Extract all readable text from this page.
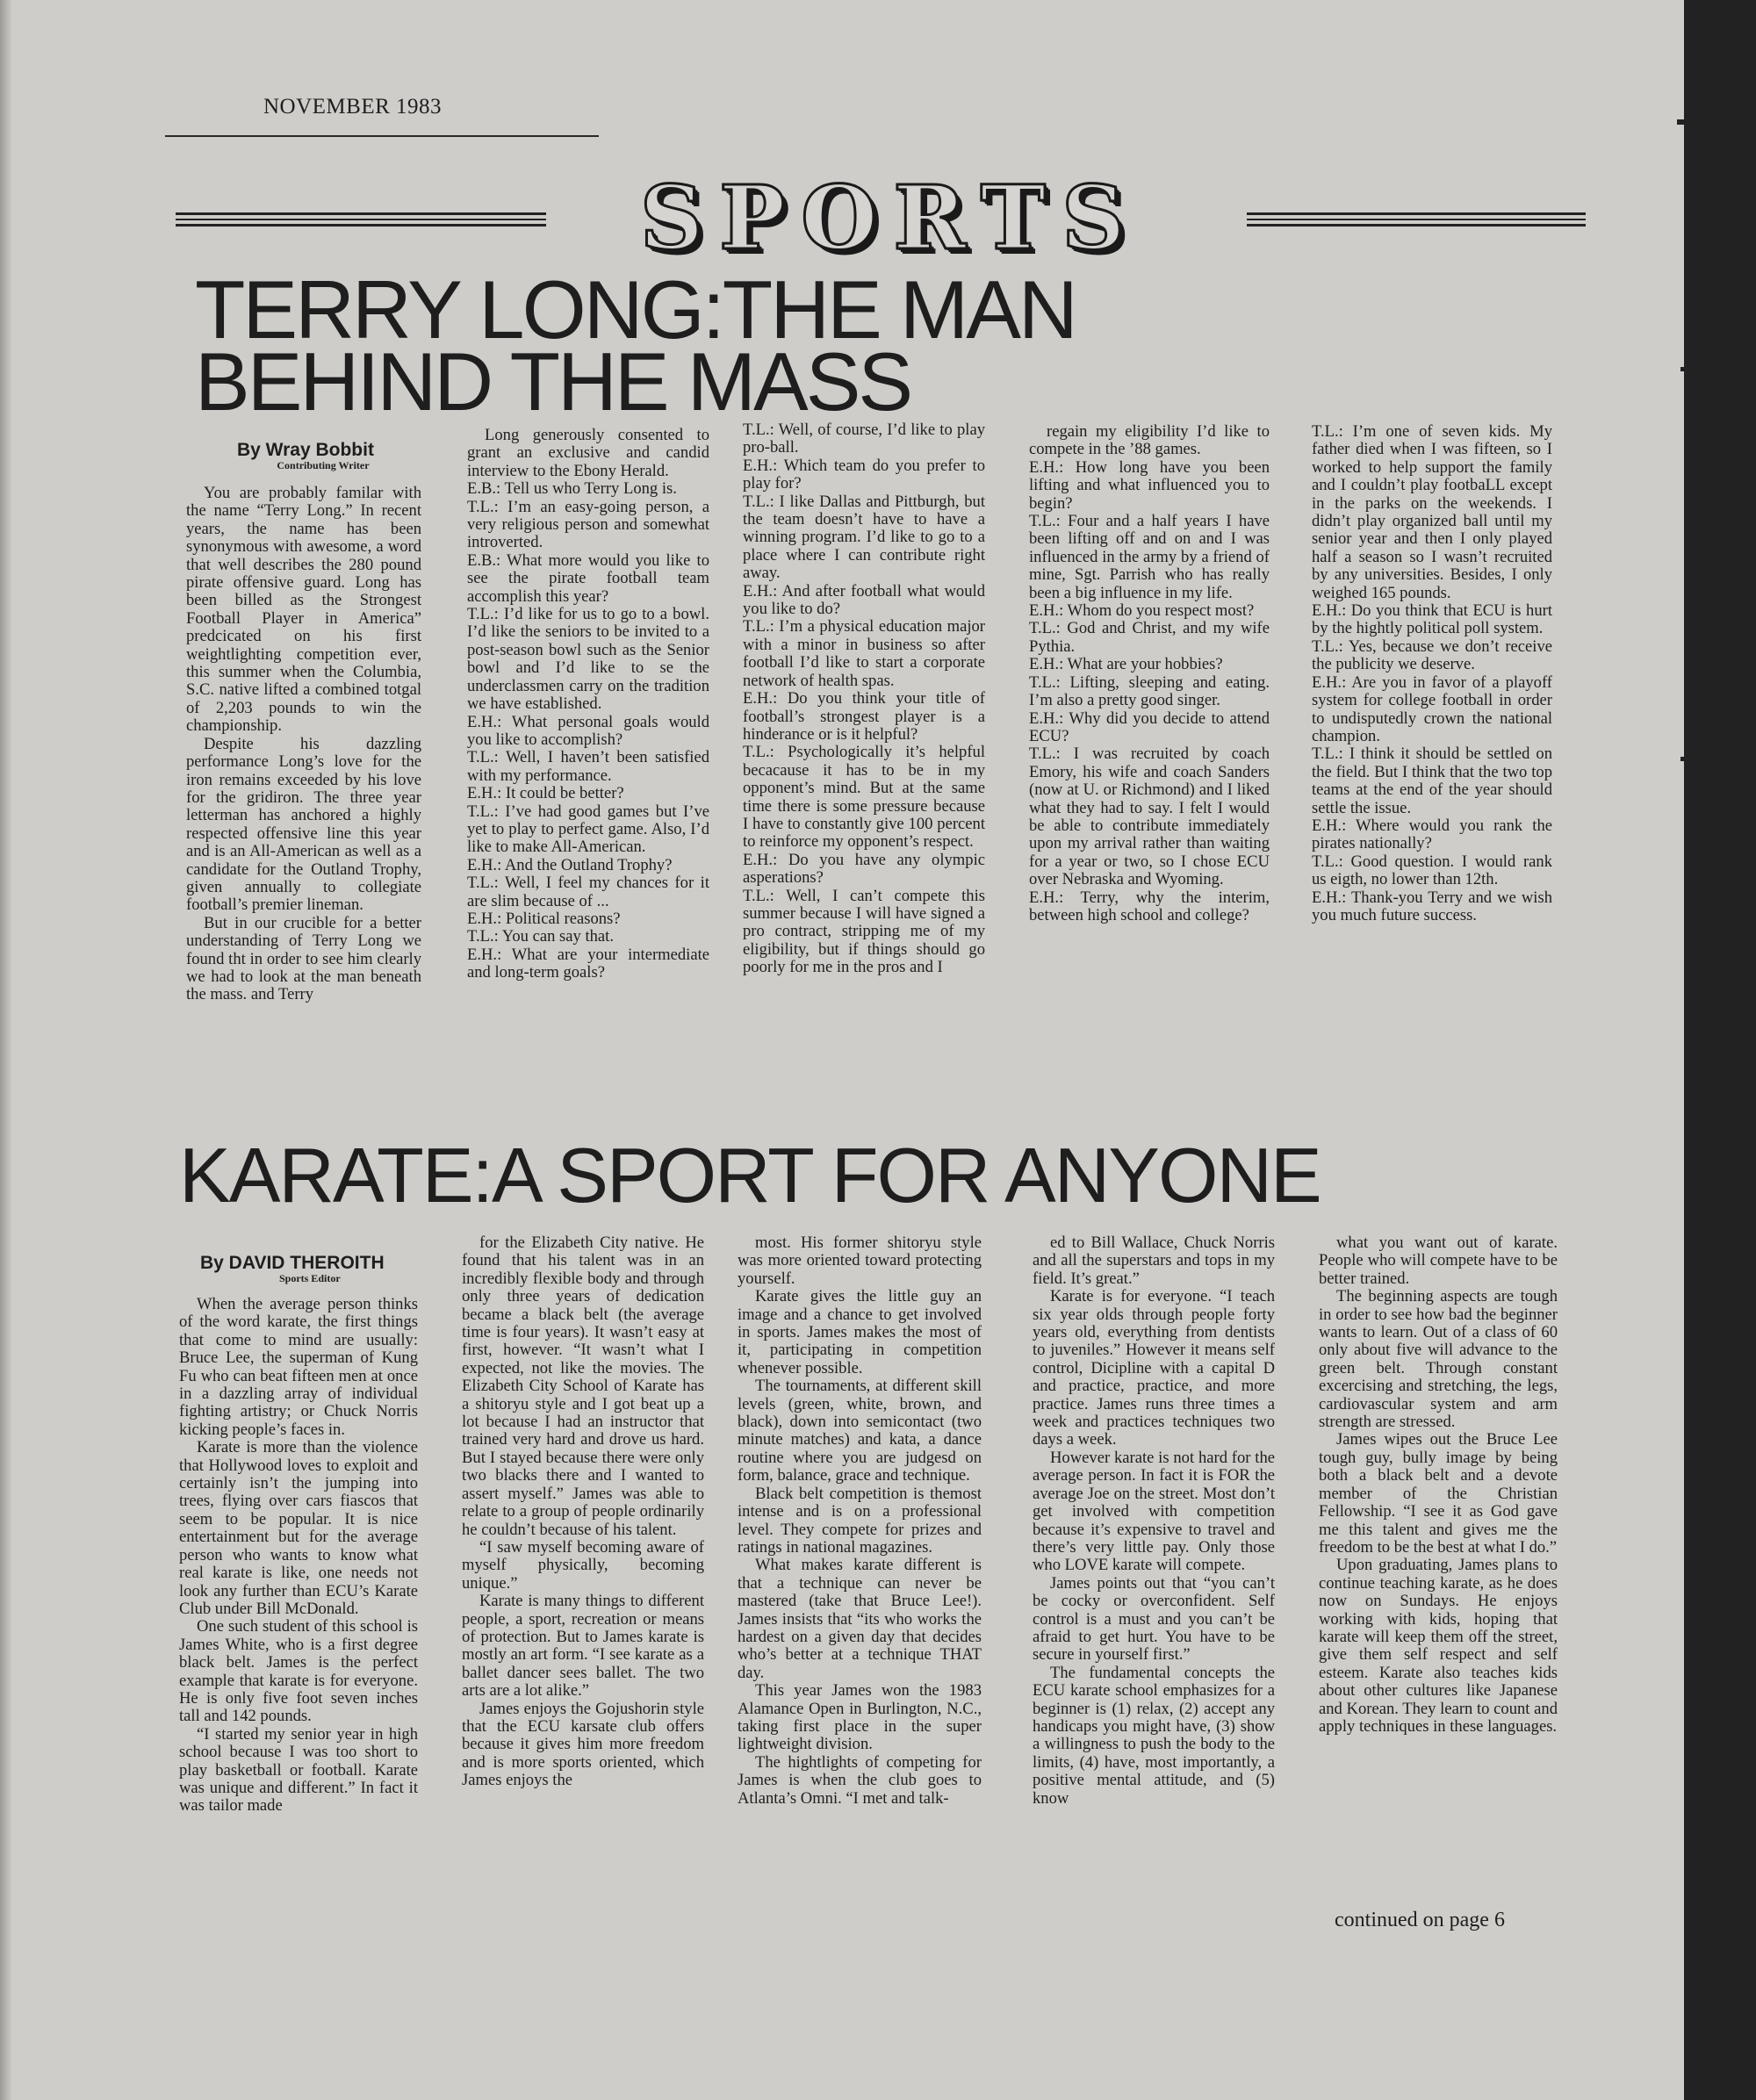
NOVEMBER 1983
SPORTS
TERRY LONG:THE MAN
BEHIND THE MASS
By Wray Bobbit
Contributing Writer

You are probably familar with the name “Terry Long.” In recent years, the name has been synonymous with awesome, a word that well describes the 280 pound pirate offensive guard. Long has been billed as the Strongest Football Player in America” predcicated on his first weightlighting competition ever, this summer when the Columbia, S.C. native lifted a combined totgal of 2,203 pounds to win the championship.

Despite his dazzling performance Long’s love for the iron remains exceeded by his love for the gridiron. The three year letterman has anchored a highly respected offensive line this year and is an All-American as well as a candidate for the Outland Trophy, given annually to collegiate football’s premier lineman.

But in our crucible for a better understanding of Terry Long we found tht in order to see him clearly we had to look at the man beneath the mass. and Terry

Long generously consented to grant an exclusive and candid interview to the Ebony Herald.

E.B.: Tell us who Terry Long is.

T.L.: I’m an easy-going person, a very religious person and somewhat introverted.

E.B.: What more would you like to see the pirate football team accomplish this year?

T.L.: I’d like for us to go to a bowl. I’d like the seniors to be invited to a post-season bowl such as the Senior bowl and I’d like to se the underclassmen carry on the tradition we have established.

E.H.: What personal goals would you like to accomplish?

T.L.: Well, I haven’t been satisfied with my performance.

E.H.: It could be better?

T.L.: I’ve had good games but I’ve yet to play to perfect game. Also, I’d like to make All-American.

E.H.: And the Outland Trophy?

T.L.: Well, I feel my chances for it are slim because of ...

E.H.: Political reasons?

T.L.: You can say that.

E.H.: What are your intermediate and long-term goals?

T.L.: Well, of course, I’d like to play pro-ball.

E.H.: Which team do you prefer to play for?

T.L.: I like Dallas and Pittburgh, but the team doesn’t have to have a winning program. I’d like to go to a place where I can contribute right away.

E.H.: And after football what would you like to do?

T.L.: I’m a physical education major with a minor in business so after football I’d like to start a corporate network of health spas.

E.H.: Do you think your title of football’s strongest player is a hinderance or is it helpful?

T.L.: Psychologically it’s helpful becacause it has to be in my opponent’s mind. But at the same time there is some pressure because I have to constantly give 100 percent to reinforce my opponent’s respect.

E.H.: Do you have any olympic asperations?

T.L.: Well, I can’t compete this summer because I will have signed a pro contract, stripping me of my eligibility, but if things should go poorly for me in the pros and I

regain my eligibility I’d like to compete in the ’88 games.

E.H.: How long have you been lifting and what influenced you to begin?

T.L.: Four and a half years I have been lifting off and on and I was influenced in the army by a friend of mine, Sgt. Parrish who has really been a big influence in my life.

E.H.: Whom do you respect most?

T.L.: God and Christ, and my wife Pythia.

E.H.: What are your hobbies?

T.L.: Lifting, sleeping and eating. I’m also a pretty good singer.

E.H.: Why did you decide to attend ECU?

T.L.: I was recruited by coach Emory, his wife and coach Sanders (now at U. or Richmond) and I liked what they had to say. I felt I would be able to contribute immediately upon my arrival rather than waiting for a year or two, so I chose ECU over Nebraska and Wyoming.

E.H.: Terry, why the interim, between high school and college?

T.L.: I’m one of seven kids. My father died when I was fifteen, so I worked to help support the family and I couldn’t play footbaLL except in the parks on the weekends. I didn’t play organized ball until my senior year and then I only played half a season so I wasn’t recruited by any universities. Besides, I only weighed 165 pounds.

E.H.: Do you think that ECU is hurt by the hightly political poll system.

T.L.: Yes, because we don’t receive the publicity we deserve.

E.H.: Are you in favor of a playoff system for college football in order to undisputedly crown the national champion.

T.L.: I think it should be settled on the field. But I think that the two top teams at the end of the year should settle the issue.

E.H.: Where would you rank the pirates nationally?

T.L.: Good question. I would rank us eigth, no lower than 12th.

E.H.: Thank-you Terry and we wish you much future success.

KARATE:A SPORT FOR ANYONE
By DAVID THEROITH
Sports Editor

When the average person thinks of the word karate, the first things that come to mind are usually: Bruce Lee, the superman of Kung Fu who can beat fifteen men at once in a dazzling array of individual fighting artistry; or Chuck Norris kicking people’s faces in.

Karate is more than the violence that Hollywood loves to exploit and certainly isn’t the jumping into trees, flying over cars fiascos that seem to be popular. It is nice entertainment but for the average person who wants to know what real karate is like, one needs not look any further than ECU’s Karate Club under Bill McDonald.

One such student of this school is James White, who is a first degree black belt. James is the perfect example that karate is for everyone. He is only five foot seven inches tall and 142 pounds.

“I started my senior year in high school because I was too short to play basketball or football. Karate was unique and different.” In fact it was tailor made

for the Elizabeth City native. He found that his talent was in an incredibly flexible body and through only three years of dedication became a black belt (the average time is four years). It wasn’t easy at first, however. “It wasn’t what I expected, not like the movies. The Elizabeth City School of Karate has a shitoryu style and I got beat up a lot because I had an instructor that trained very hard and drove us hard. But I stayed because there were only two blacks there and I wanted to assert myself.” James was able to relate to a group of people ordinarily he couldn’t because of his talent.

“I saw myself becoming aware of myself physically, becoming unique.”

Karate is many things to different people, a sport, recreation or means of protection. But to James karate is mostly an art form. “I see karate as a ballet dancer sees ballet. The two arts are a lot alike.”

James enjoys the Gojushorin style that the ECU karsate club offers because it gives him more freedom and is more sports oriented, which James enjoys the

most. His former shitoryu style was more oriented toward protecting yourself.

Karate gives the little guy an image and a chance to get involved in sports. James makes the most of it, participating in competition whenever possible.

The tournaments, at different skill levels (green, white, brown, and black), down into semicontact (two minute matches) and kata, a dance routine where you are judgesd on form, balance, grace and technique.

Black belt competition is themost intense and is on a professional level. They compete for prizes and ratings in national magazines.

What makes karate different is that a technique can never be mastered (take that Bruce Lee!). James insists that “its who works the hardest on a given day that decides who’s better at a technique THAT day.

This year James won the 1983 Alamance Open in Burlington, N.C., taking first place in the super lightweight division.

The hightlights of competing for James is when the club goes to Atlanta’s Omni. “I met and talk-

ed to Bill Wallace, Chuck Norris and all the superstars and tops in my field. It’s great.”

Karate is for everyone. “I teach six year olds through people forty years old, everything from dentists to juveniles.” However it means self control, Dicipline with a capital D and practice, practice, and more practice. James runs three times a week and practices techniques two days a week.

However karate is not hard for the average person. In fact it is FOR the average Joe on the street. Most don’t get involved with competition because it’s expensive to travel and there’s very little pay. Only those who LOVE karate will compete.

James points out that “you can’t be cocky or overconfident. Self control is a must and you can’t be afraid to get hurt. You have to be secure in yourself first.”

The fundamental concepts the ECU karate school emphasizes for a beginner is (1) relax, (2) accept any handicaps you might have, (3) show a willingness to push the body to the limits, (4) have, most importantly, a positive mental attitude, and (5) know

what you want out of karate. People who will compete have to be better trained.

The beginning aspects are tough in order to see how bad the beginner wants to learn. Out of a class of 60 only about five will advance to the green belt. Through constant excercising and stretching, the legs, cardiovascular system and arm strength are stressed.

James wipes out the Bruce Lee tough guy, bully image by being both a black belt and a devote member of the Christian Fellowship. “I see it as God gave me this talent and gives me the freedom to be the best at what I do.”

Upon graduating, James plans to continue teaching karate, as he does now on Sundays. He enjoys working with kids, hoping that karate will keep them off the street, give them self respect and self esteem. Karate also teaches kids about other cultures like Japanese and Korean. They learn to count and apply techniques in these languages.

continued on page 6
